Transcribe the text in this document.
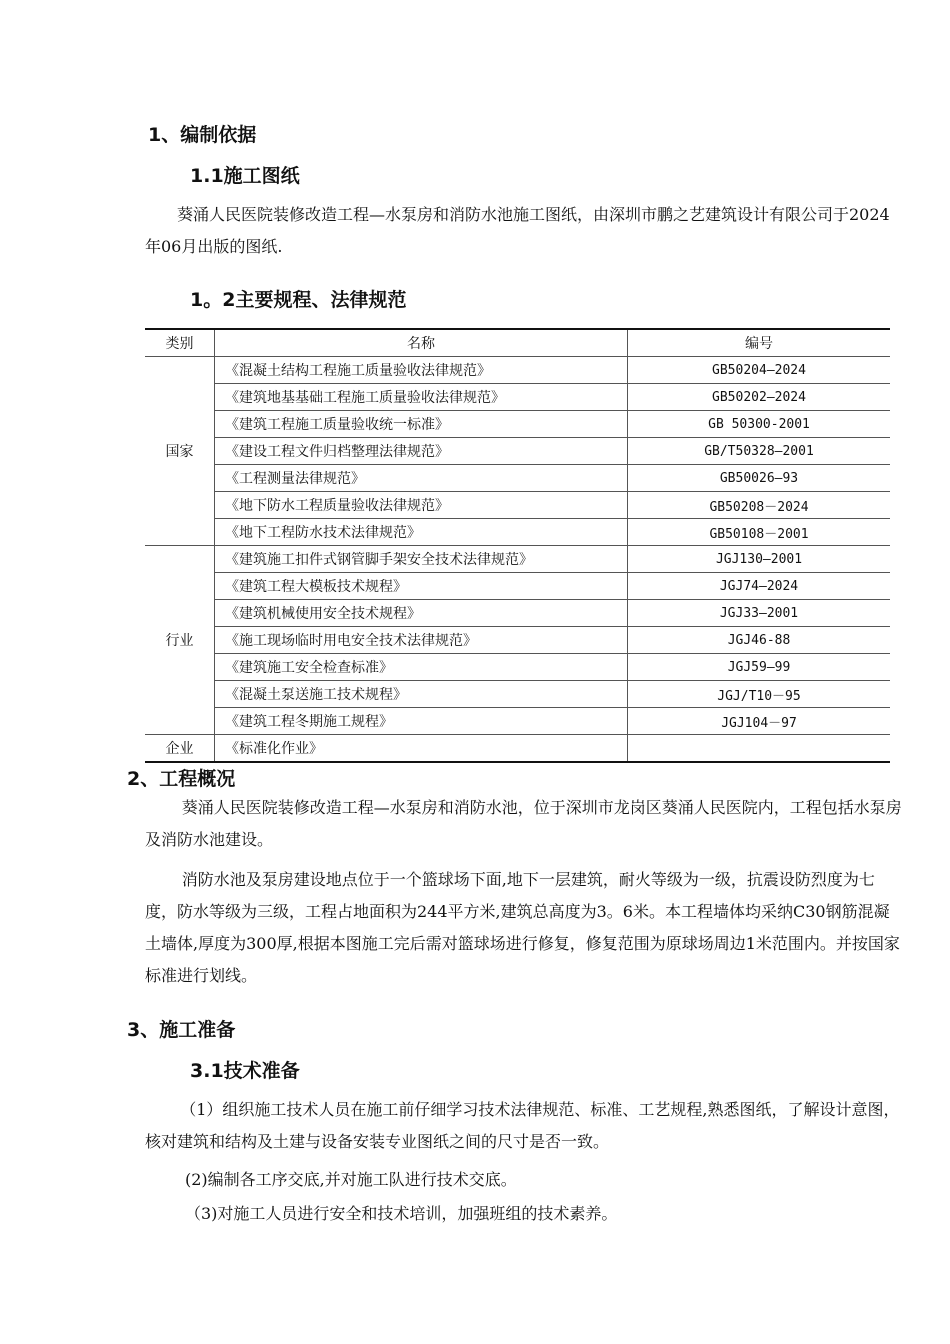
1、编制依据
1.1施工图纸

葵涌人民医院装修改造工程—水泵房和消防水池施工图纸，由深圳市鹏之艺建筑设计有限公司于2024年06月出版的图纸.

1。2主要规程、法律规范
类别	名称	编号
国家	《混凝土结构工程施工质量验收法律规范》	GB50204—2024
	《建筑地基基础工程施工质量验收法律规范》	GB50202—2024
	《建筑工程施工质量验收统一标准》	GB 50300-2001
	《建设工程文件归档整理法律规范》	GB/T50328—2001
	《工程测量法律规范》	GB50026—93
	《地下防水工程质量验收法律规范》	GB50208－2024
	《地下工程防水技术法律规范》	GB50108－2001
行业	《建筑施工扣件式钢管脚手架安全技术法律规范》	JGJ130—2001
	《建筑工程大模板技术规程》	JGJ74—2024
	《建筑机械使用安全技术规程》	JGJ33—2001
	《施工现场临时用电安全技术法律规范》	JGJ46-88
	《建筑施工安全检查标准》	JGJ59—99
	《混凝土泵送施工技术规程》	JGJ/T10－95
	《建筑工程冬期施工规程》	JGJ104－97
企业	《标准化作业》	
2、工程概况

葵涌人民医院装修改造工程—水泵房和消防水池，位于深圳市龙岗区葵涌人民医院内，工程包括水泵房及消防水池建设。

消防水池及泵房建设地点位于一个篮球场下面,地下一层建筑，耐火等级为一级，抗震设防烈度为七度，防水等级为三级，工程占地面积为244平方米,建筑总高度为3。6米。本工程墙体均采纳C30钢筋混凝土墙体,厚度为300厚,根据本图施工完后需对篮球场进行修复，修复范围为原球场周边1米范围内。并按国家标准进行划线。

3、施工准备
3.1技术准备

（1）组织施工技术人员在施工前仔细学习技术法律规范、标准、工艺规程,熟悉图纸，了解设计意图，核对建筑和结构及土建与设备安装专业图纸之间的尺寸是否一致。

(2)编制各工序交底,并对施工队进行技术交底。

（3)对施工人员进行安全和技术培训，加强班组的技术素养。
